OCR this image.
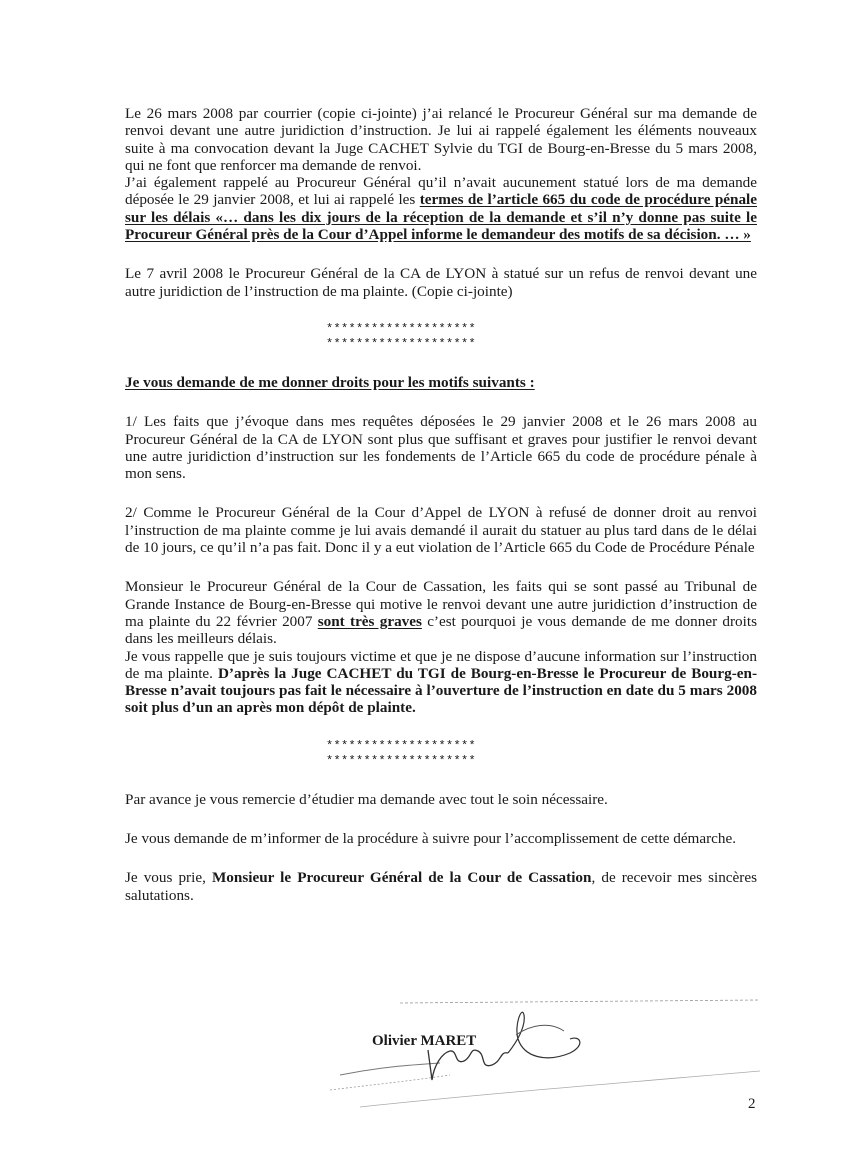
Le 26 mars 2008 par courrier (copie ci-jointe) j’ai relancé le Procureur Général sur ma demande de renvoi devant une autre juridiction d’instruction. Je lui ai rappelé également les éléments nouveaux suite à ma convocation devant la Juge CACHET Sylvie du TGI de Bourg-en-Bresse du 5 mars 2008, qui ne font que renforcer ma demande de renvoi.

J’ai également rappelé au Procureur Général qu’il n’avait aucunement statué lors de ma demande déposée le 29 janvier 2008, et lui ai rappelé les termes de l’article 665 du code de procédure pénale sur les délais «… dans les dix jours de la réception de la demande et s’il n’y donne pas suite le Procureur Général près de la Cour d’Appel informe le demandeur des motifs de sa décision. … »

Le 7 avril 2008 le Procureur Général de la CA de LYON à statué sur un refus de renvoi devant une autre juridiction de l’instruction de ma plainte. (Copie ci-jointe)

********************
********************

Je vous demande de me donner droits pour les motifs suivants :

1/ Les faits que j’évoque dans mes requêtes déposées le 29 janvier 2008 et le 26 mars 2008 au Procureur Général de la CA de LYON sont plus que suffisant et graves pour justifier le renvoi devant une autre juridiction d’instruction sur les fondements de l’Article 665 du code de procédure pénale à mon sens.

2/ Comme le Procureur Général de la Cour d’Appel de LYON à refusé de donner droit au renvoi l’instruction de ma plainte comme je lui avais demandé il aurait du statuer au plus tard dans de le délai de 10 jours, ce qu’il n’a pas fait. Donc il y a eut violation de l’Article 665 du Code de Procédure Pénale

Monsieur le Procureur Général de la Cour de Cassation, les faits qui se sont passé au Tribunal de Grande Instance de Bourg-en-Bresse qui motive le renvoi devant une autre juridiction d’instruction de ma plainte du 22 février 2007 sont très graves c’est pourquoi je vous demande de me donner droits dans les meilleurs délais.

Je vous rappelle que je suis toujours victime et que je ne dispose d’aucune information sur l’instruction de ma plainte. D’après la Juge CACHET du TGI de Bourg-en-Bresse le Procureur de Bourg-en-Bresse n’avait toujours pas fait le nécessaire à l’ouverture de l’instruction en date du 5 mars 2008 soit plus d’un an après mon dépôt de plainte.

********************
********************

Par avance je vous remercie d’étudier ma demande avec tout le soin nécessaire.

Je vous demande de m’informer de la procédure à suivre pour l’accomplissement de cette démarche.

Je vous prie, Monsieur le Procureur Général de la Cour de Cassation, de recevoir mes sincères salutations.

Olivier MARET
2
